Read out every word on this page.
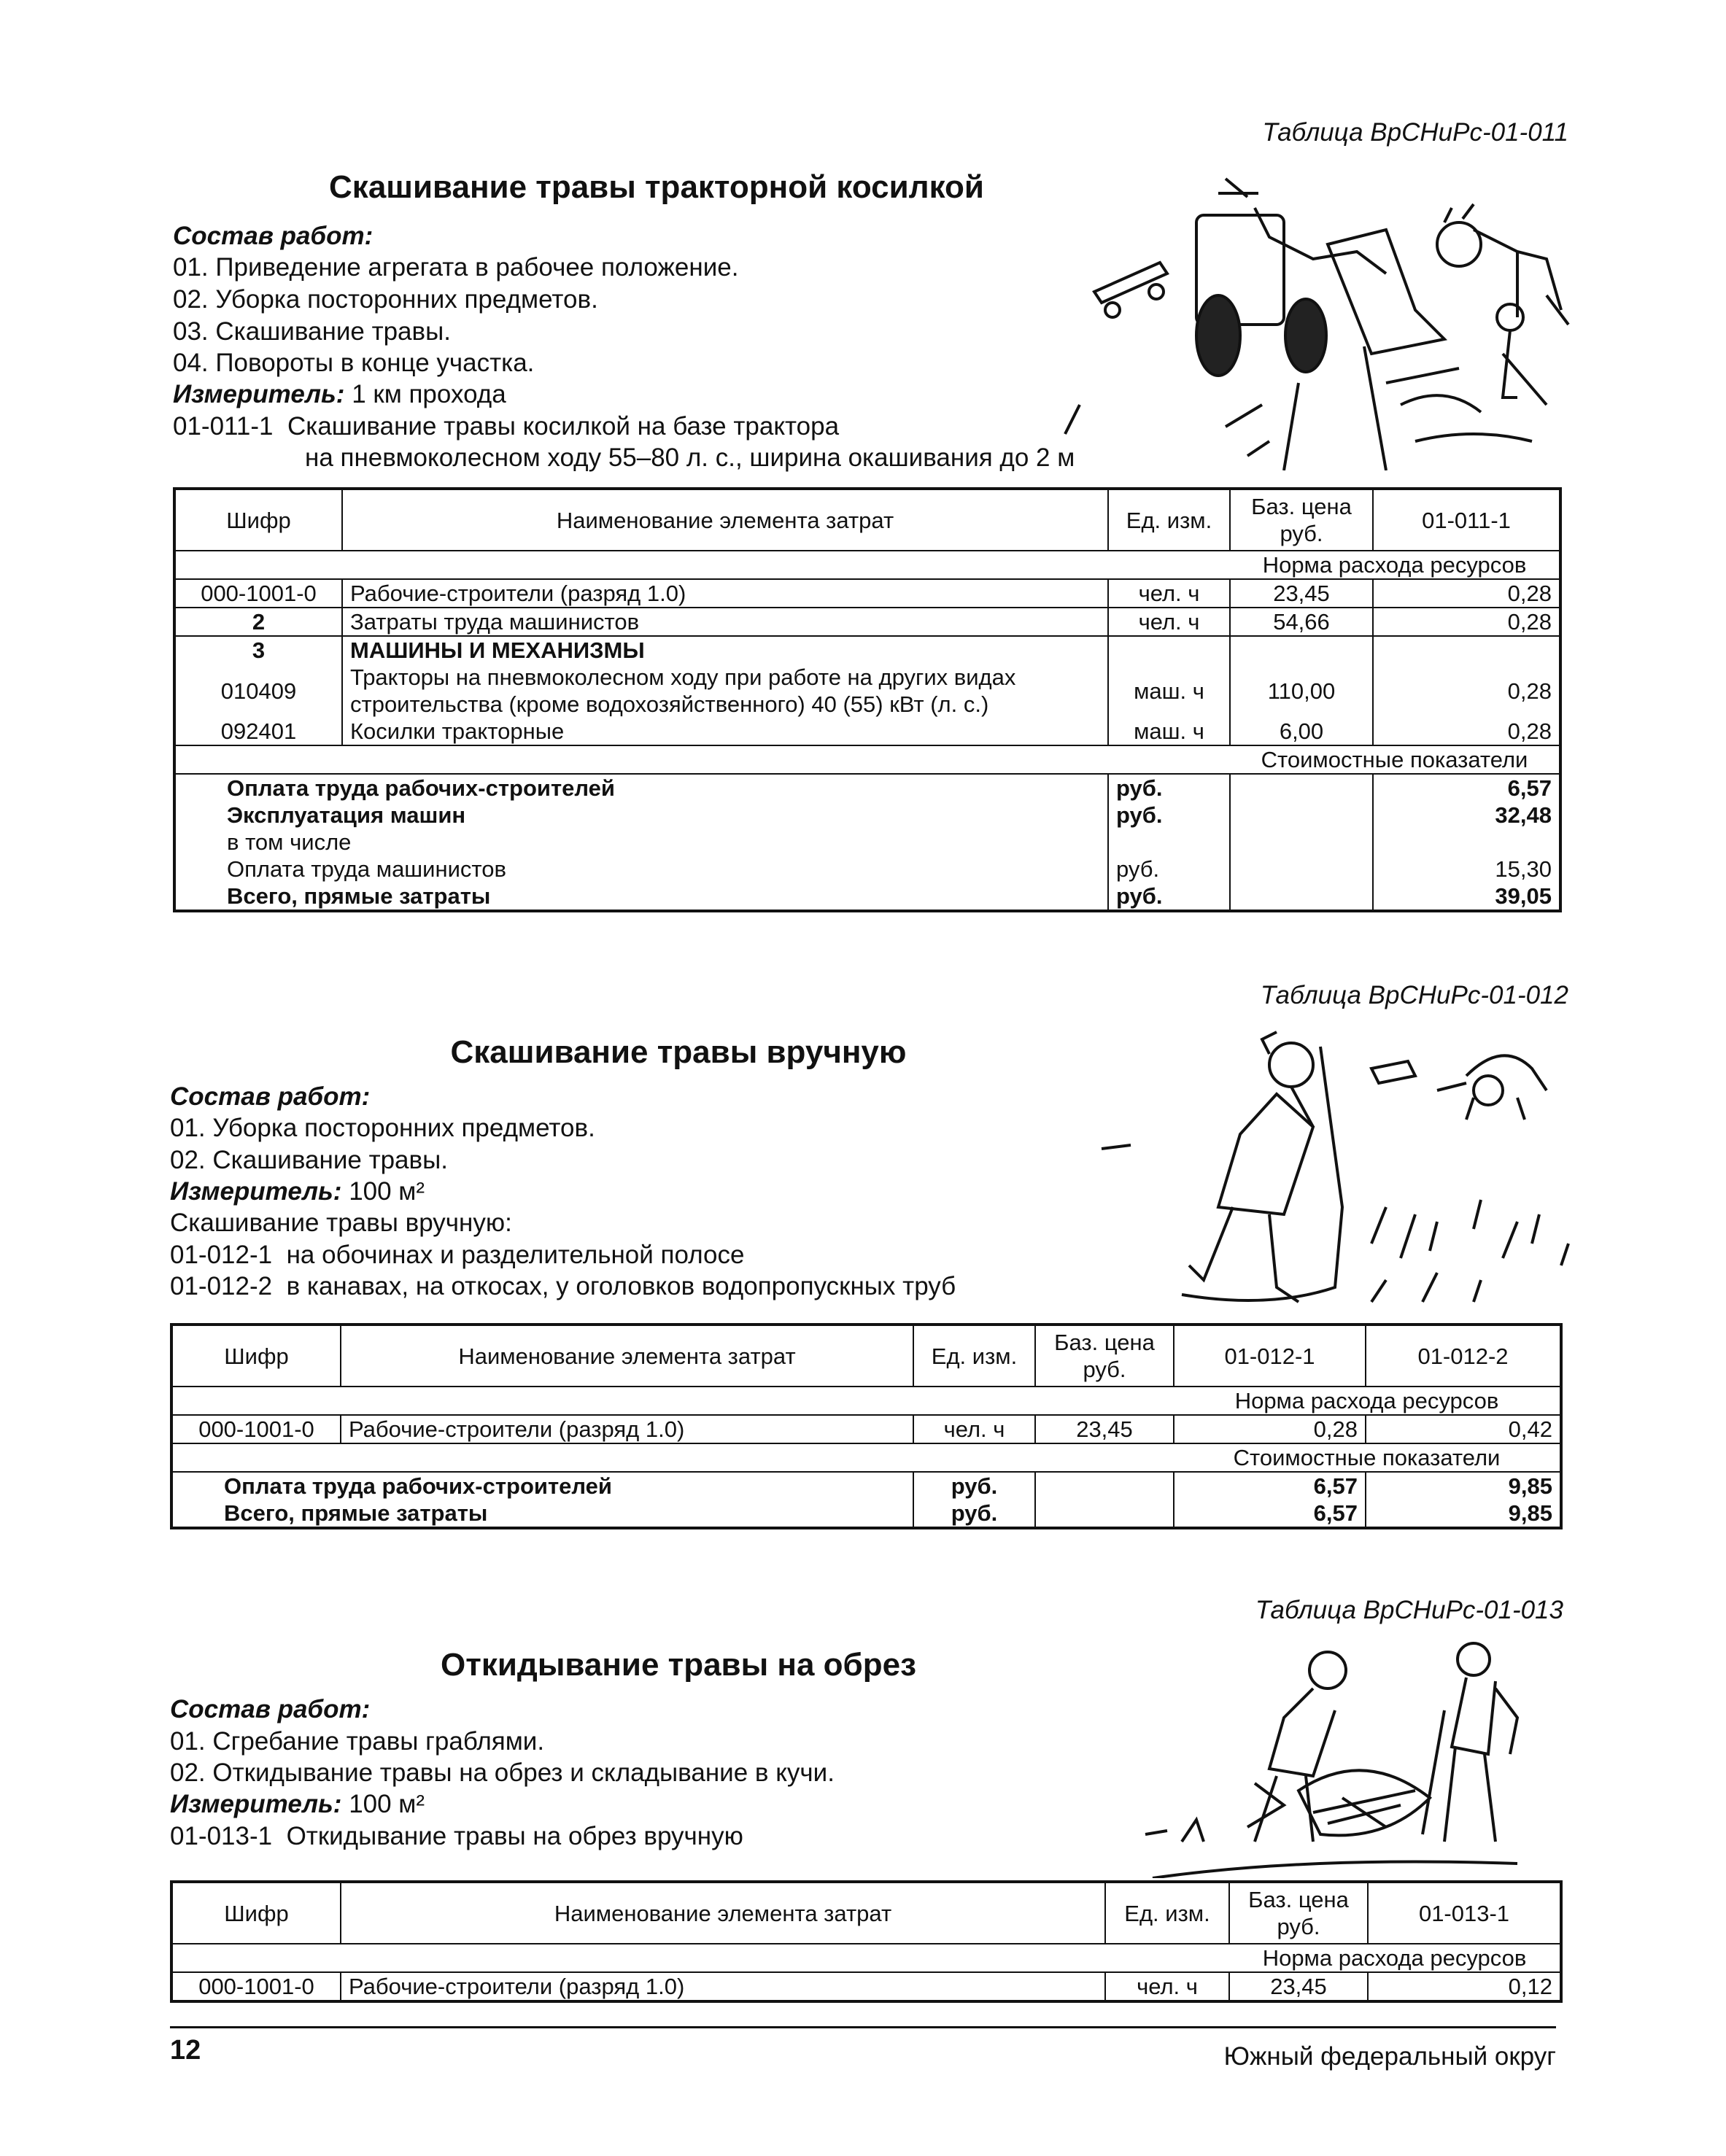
Таблица ВрСНиРс-01-011
Скашивание травы тракторной косилкой
Состав работ:
01. Приведение агрегата в рабочее положение.
02. Уборка посторонних предметов.
03. Скашивание травы.
04. Повороты в конце участка.
Измеритель: 1 км прохода
01-011-1 Скашивание травы косилкой на базе трактора
на пневмоколесном ходу 55–80 л. с., ширина окашивания до 2 м
Шифр	Наименование элемента затрат	Ед. изм.	Баз. цена руб.	01-011-1
			Норма расхода ресурсов	
000-1001-0	Рабочие-строители (разряд 1.0)	чел. ч	23,45	0,28
2	Затраты труда машинистов	чел. ч	54,66	0,28
3	МАШИНЫ И МЕХАНИЗМЫ			
010409	Тракторы на пневмоколесном ходу при работе на других видах
строительства (кроме водохозяйственного) 40 (55) кВт (л. с.)	маш. ч	110,00	0,28
092401	Косилки тракторные	маш. ч	6,00	0,28
			Стоимостные показатели	
Оплата труда рабочих-строителей		руб.		6,57
Эксплуатация машин		руб.		32,48
в том числе				
Оплата труда машинистов		руб.		15,30
Всего, прямые затраты		руб.		39,05
Таблица ВрСНиРс-01-012
Скашивание травы вручную
Состав работ:
01. Уборка посторонних предметов.
02. Скашивание травы.
Измеритель: 100 м²
Скашивание травы вручную:
01-012-1 на обочинах и разделительной полосе
01-012-2 в канавах, на откосах, у оголовков водопропускных труб
Шифр	Наименование элемента затрат	Ед. изм.	Баз. цена руб.	01-012-1	01-012-2
				Норма расхода ресурсов	
000-1001-0	Рабочие-строители (разряд 1.0)	чел. ч	23,45	0,28	0,42
				Стоимостные показатели	
Оплата труда рабочих-строителей		руб.		6,57	9,85
Всего, прямые затраты		руб.		6,57	9,85
Таблица ВрСНиРс-01-013
Откидывание травы на обрез
Состав работ:
01. Сгребание травы граблями.
02. Откидывание травы на обрез и складывание в кучи.
Измеритель: 100 м²
01-013-1 Откидывание травы на обрез вручную
Шифр	Наименование элемента затрат	Ед. изм.	Баз. цена руб.	01-013-1
			Норма расхода ресурсов	
000-1001-0	Рабочие-строители (разряд 1.0)	чел. ч	23,45	0,12
12	Южный федеральный округ
